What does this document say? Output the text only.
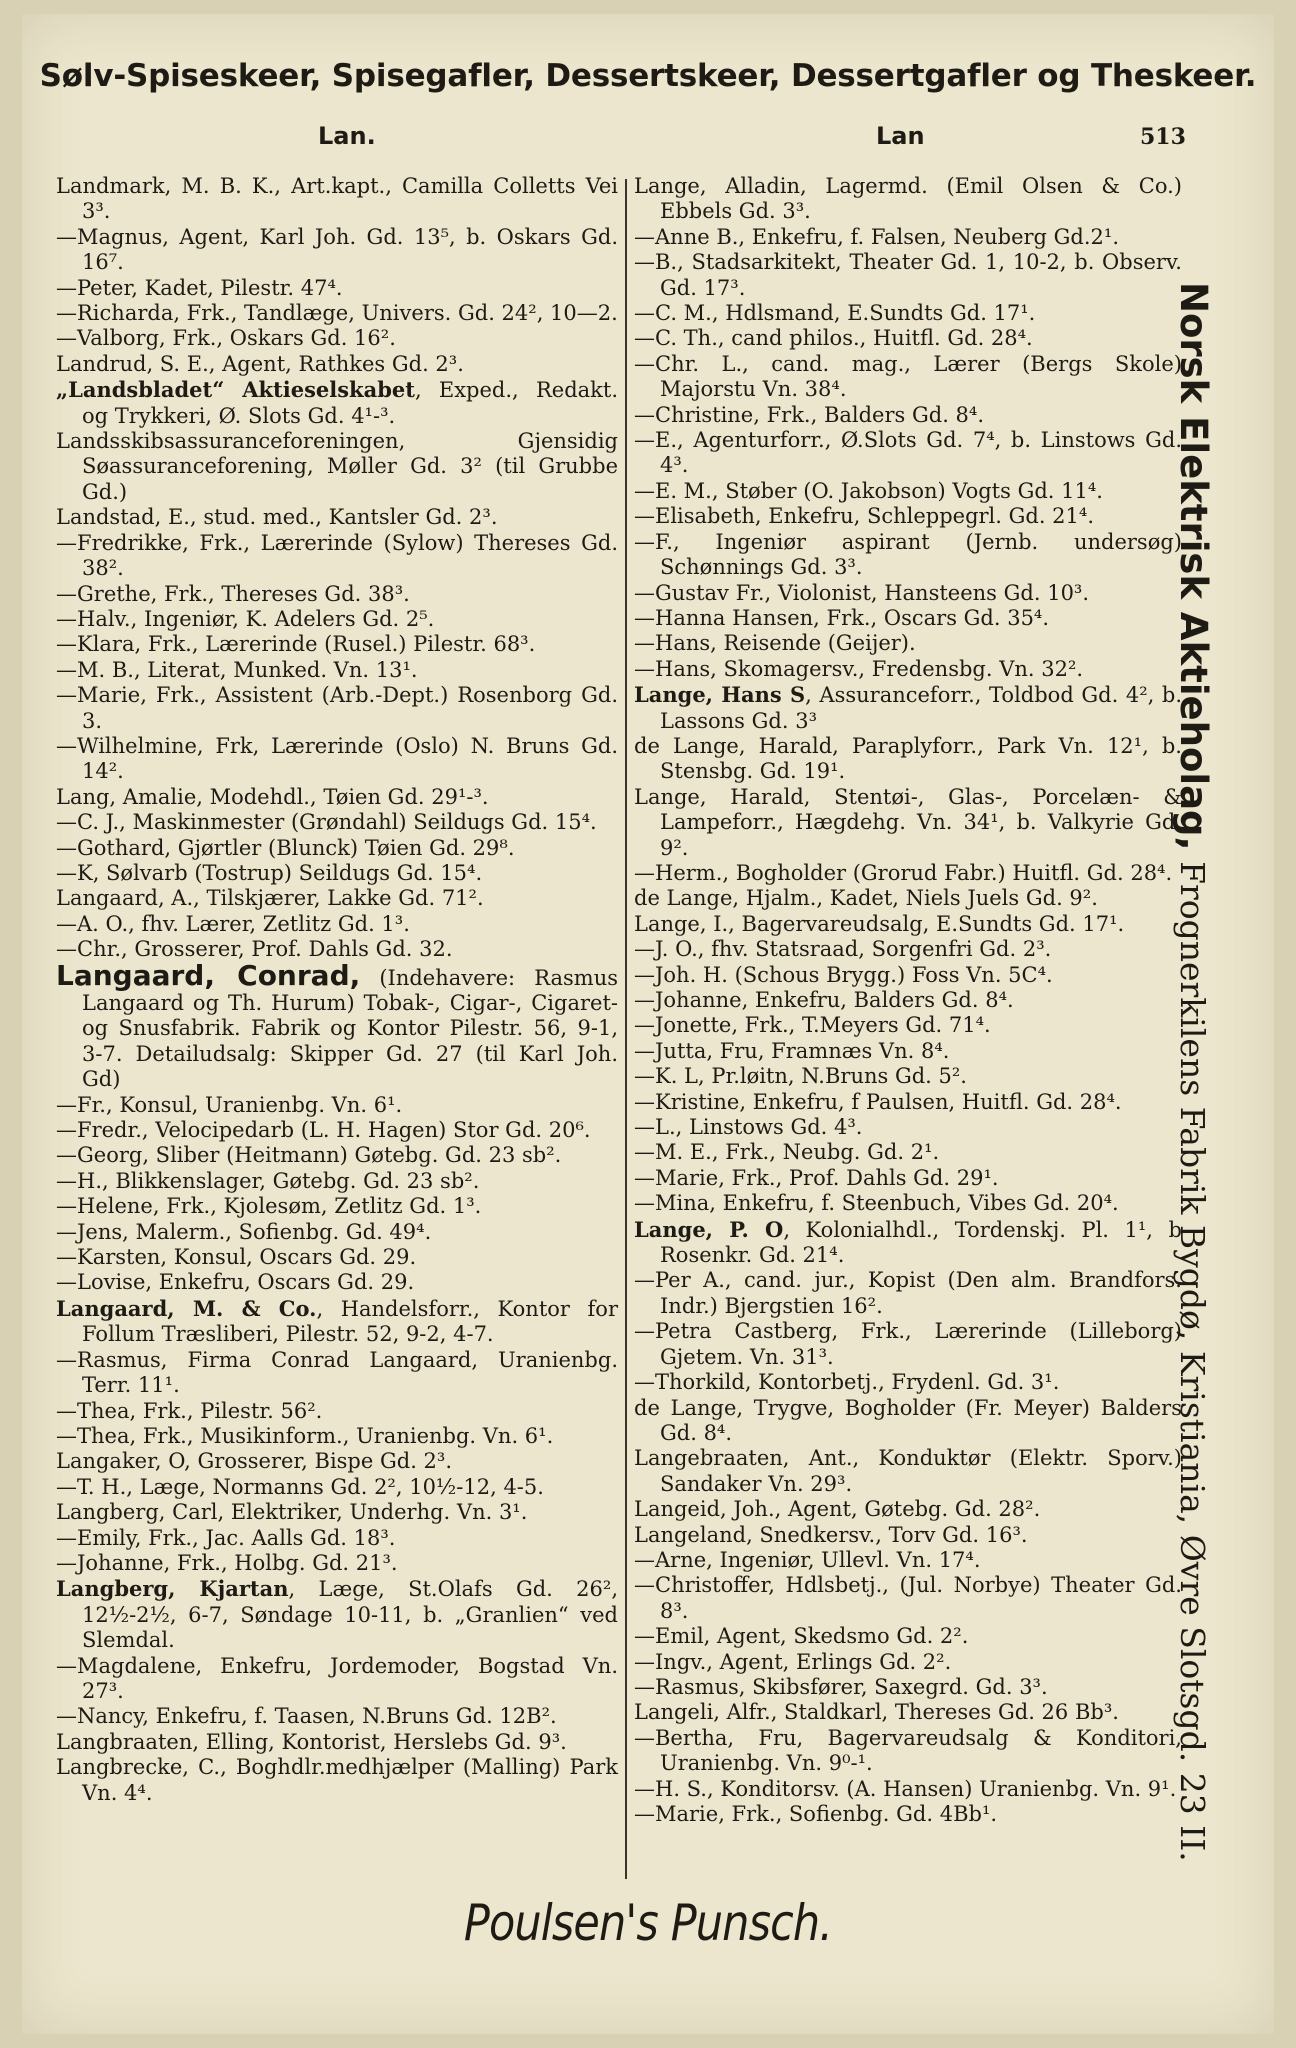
Sølv-Spiseskeer, Spisegafler, Dessertskeer, Dessertgafler og Theskeer.
Lan.	Lan	513

Landmark, M. B. K., Art.kapt., Camilla Colletts Vei 3³.

—Magnus, Agent, Karl Joh. Gd. 13⁵, b. Oskars Gd. 16⁷.

—Peter, Kadet, Pilestr. 47⁴.

—Richarda, Frk., Tandlæge, Univers. Gd. 24², 10—2.

—Valborg, Frk., Oskars Gd. 16².

Landrud, S. E., Agent, Rathkes Gd. 2³.

„Landsbladet“ Aktieselskabet, Exped., Redakt. og Trykkeri, Ø. Slots Gd. 4¹-³.

Landsskibsassuranceforeningen, Gjensidig Søassuranceforening, Møller Gd. 3² (til Grubbe Gd.)

Landstad, E., stud. med., Kantsler Gd. 2³.

—Fredrikke, Frk., Lærerinde (Sylow) Thereses Gd. 38².

—Grethe, Frk., Thereses Gd. 38³.

—Halv., Ingeniør, K. Adelers Gd. 2⁵.

—Klara, Frk., Lærerinde (Rusel.) Pilestr. 68³.

—M. B., Literat, Munked. Vn. 13¹.

—Marie, Frk., Assistent (Arb.-Dept.) Rosenborg Gd. 3.

—Wilhelmine, Frk, Lærerinde (Oslo) N. Bruns Gd. 14².

Lang, Amalie, Modehdl., Tøien Gd. 29¹-³.

—C. J., Maskinmester (Grøndahl) Seildugs Gd. 15⁴.

—Gothard, Gjørtler (Blunck) Tøien Gd. 29⁸.

—K, Sølvarb (Tostrup) Seildugs Gd. 15⁴.

Langaard, A., Tilskjærer, Lakke Gd. 71².

—A. O., fhv. Lærer, Zetlitz Gd. 1³.

—Chr., Grosserer, Prof. Dahls Gd. 32.

Langaard, Conrad, (Indehavere: Rasmus Langaard og Th. Hurum) Tobak-, Cigar-, Cigaret- og Snusfabrik. Fabrik og Kontor Pilestr. 56, 9-1, 3-7. Detailudsalg: Skipper Gd. 27 (til Karl Joh. Gd)

—Fr., Konsul, Uranienbg. Vn. 6¹.

—Fredr., Velocipedarb (L. H. Hagen) Stor Gd. 20⁶.

—Georg, Sliber (Heitmann) Gøtebg. Gd. 23 sb².

—H., Blikkenslager, Gøtebg. Gd. 23 sb².

—Helene, Frk., Kjolesøm, Zetlitz Gd. 1³.

—Jens, Malerm., Sofienbg. Gd. 49⁴.

—Karsten, Konsul, Oscars Gd. 29.

—Lovise, Enkefru, Oscars Gd. 29.

Langaard, M. & Co., Handelsforr., Kontor for Follum Træsliberi, Pilestr. 52, 9-2, 4-7.

—Rasmus, Firma Conrad Langaard, Uranienbg. Terr. 11¹.

—Thea, Frk., Pilestr. 56².

—Thea, Frk., Musikinform., Uranienbg. Vn. 6¹.

Langaker, O, Grosserer, Bispe Gd. 2³.

—T. H., Læge, Normanns Gd. 2², 10½-12, 4-5.

Langberg, Carl, Elektriker, Underhg. Vn. 3¹.

—Emily, Frk., Jac. Aalls Gd. 18³.

—Johanne, Frk., Holbg. Gd. 21³.

Langberg, Kjartan, Læge, St.Olafs Gd. 26², 12½-2½, 6-7, Søndage 10-11, b. „Granlien“ ved Slemdal.

—Magdalene, Enkefru, Jordemoder, Bogstad Vn. 27³.

—Nancy, Enkefru, f. Taasen, N.Bruns Gd. 12B².

Langbraaten, Elling, Kontorist, Herslebs Gd. 9³.

Langbrecke, C., Boghdlr.medhjælper (Malling) Park Vn. 4⁴.

Lange, Alladin, Lagermd. (Emil Olsen & Co.) Ebbels Gd. 3³.

—Anne B., Enkefru, f. Falsen, Neuberg Gd.2¹.

—B., Stadsarkitekt, Theater Gd. 1, 10-2, b. Observ. Gd. 17³.

—C. M., Hdlsmand, E.Sundts Gd. 17¹.

—C. Th., cand philos., Huitfl. Gd. 28⁴.

—Chr. L., cand. mag., Lærer (Bergs Skole) Majorstu Vn. 38⁴.

—Christine, Frk., Balders Gd. 8⁴.

—E., Agenturforr., Ø.Slots Gd. 7⁴, b. Linstows Gd. 4³.

—E. M., Støber (O. Jakobson) Vogts Gd. 11⁴.

—Elisabeth, Enkefru, Schleppegrl. Gd. 21⁴.

—F., Ingeniør aspirant (Jernb. undersøg) Schønnings Gd. 3³.

—Gustav Fr., Violonist, Hansteens Gd. 10³.

—Hanna Hansen, Frk., Oscars Gd. 35⁴.

—Hans, Reisende (Geijer).

—Hans, Skomagersv., Fredensbg. Vn. 32².

Lange, Hans S, Assuranceforr., Toldbod Gd. 4², b. Lassons Gd. 3³

de Lange, Harald, Paraplyforr., Park Vn. 12¹, b. Stensbg. Gd. 19¹.

Lange, Harald, Stentøi-, Glas-, Porcelæn- & Lampeforr., Hægdehg. Vn. 34¹, b. Valkyrie Gd. 9².

—Herm., Bogholder (Grorud Fabr.) Huitfl. Gd. 28⁴.

de Lange, Hjalm., Kadet, Niels Juels Gd. 9².

Lange, I., Bagervareudsalg, E.Sundts Gd. 17¹.

—J. O., fhv. Statsraad, Sorgenfri Gd. 2³.

—Joh. H. (Schous Brygg.) Foss Vn. 5C⁴.

—Johanne, Enkefru, Balders Gd. 8⁴.

—Jonette, Frk., T.Meyers Gd. 71⁴.

—Jutta, Fru, Framnæs Vn. 8⁴.

—K. L, Pr.løitn, N.Bruns Gd. 5².

—Kristine, Enkefru, f Paulsen, Huitfl. Gd. 28⁴.

—L., Linstows Gd. 4³.

—M. E., Frk., Neubg. Gd. 2¹.

—Marie, Frk., Prof. Dahls Gd. 29¹.

—Mina, Enkefru, f. Steenbuch, Vibes Gd. 20⁴.

Lange, P. O, Kolonialhdl., Tordenskj. Pl. 1¹, b Rosenkr. Gd. 21⁴.

—Per A., cand. jur., Kopist (Den alm. Brandfors. Indr.) Bjergstien 16².

—Petra Castberg, Frk., Lærerinde (Lilleborg) Gjetem. Vn. 31³.

—Thorkild, Kontorbetj., Frydenl. Gd. 3¹.

de Lange, Trygve, Bogholder (Fr. Meyer) Balders Gd. 8⁴.

Langebraaten, Ant., Konduktør (Elektr. Sporv.) Sandaker Vn. 29³.

Langeid, Joh., Agent, Gøtebg. Gd. 28².

Langeland, Snedkersv., Torv Gd. 16³.

—Arne, Ingeniør, Ullevl. Vn. 17⁴.

—Christoffer, Hdlsbetj., (Jul. Norbye) Theater Gd. 8³.

—Emil, Agent, Skedsmo Gd. 2².

—Ingv., Agent, Erlings Gd. 2².

—Rasmus, Skibsfører, Saxegrd. Gd. 3³.

Langeli, Alfr., Staldkarl, Thereses Gd. 26 Bb³.

—Bertha, Fru, Bagervareudsalg & Konditori, Uranienbg. Vn. 9⁰-¹.

—H. S., Konditorsv. (A. Hansen) Uranienbg. Vn. 9¹.

—Marie, Frk., Sofienbg. Gd. 4Bb¹.

Norsk Elektrisk Aktieholag, Frognerkilens Fabrik Bygdø, Kristiania, Øvre Slotsgd. 23 II.
Poulsen's Punsch.
